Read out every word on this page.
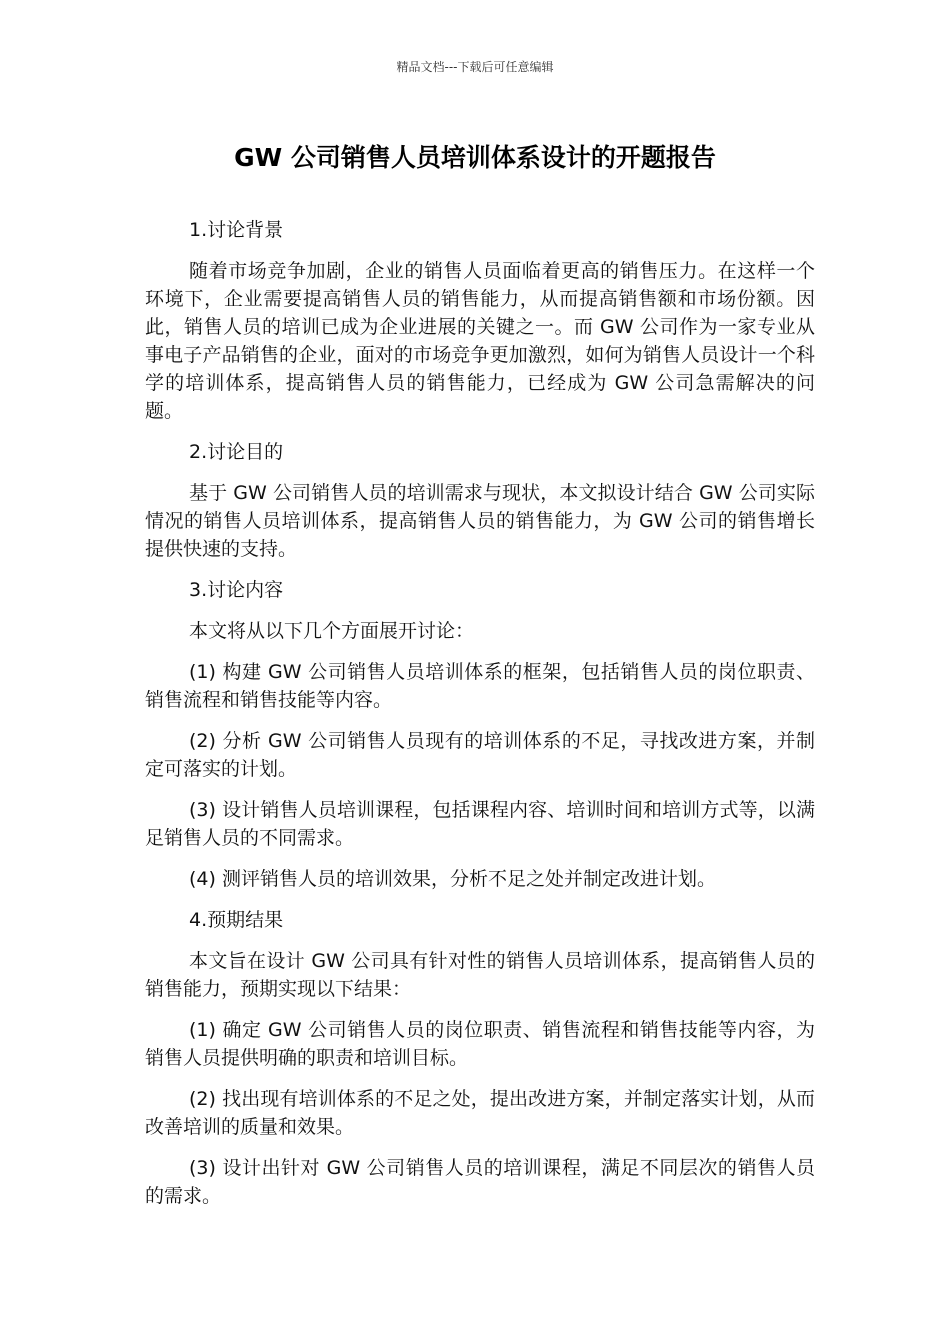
精品文档---下载后可任意编辑
GW 公司销售人员培训体系设计的开题报告

1.讨论背景

随着市场竞争加剧，企业的销售人员面临着更高的销售压力。在这样一个环境下，企业需要提高销售人员的销售能力，从而提高销售额和市场份额。因此，销售人员的培训已成为企业进展的关键之一。而 GW 公司作为一家专业从事电子产品销售的企业，面对的市场竞争更加激烈，如何为销售人员设计一个科学的培训体系，提高销售人员的销售能力，已经成为 GW 公司急需解决的问题。

2.讨论目的

基于 GW 公司销售人员的培训需求与现状，本文拟设计结合 GW 公司实际情况的销售人员培训体系，提高销售人员的销售能力，为 GW 公司的销售增长提供快速的支持。

3.讨论内容

本文将从以下几个方面展开讨论：

(1) 构建 GW 公司销售人员培训体系的框架，包括销售人员的岗位职责、销售流程和销售技能等内容。

(2) 分析 GW 公司销售人员现有的培训体系的不足，寻找改进方案，并制定可落实的计划。

(3) 设计销售人员培训课程，包括课程内容、培训时间和培训方式等，以满足销售人员的不同需求。

(4) 测评销售人员的培训效果，分析不足之处并制定改进计划。

4.预期结果

本文旨在设计 GW 公司具有针对性的销售人员培训体系，提高销售人员的销售能力，预期实现以下结果：

(1) 确定 GW 公司销售人员的岗位职责、销售流程和销售技能等内容，为销售人员提供明确的职责和培训目标。

(2) 找出现有培训体系的不足之处，提出改进方案，并制定落实计划，从而改善培训的质量和效果。

(3) 设计出针对 GW 公司销售人员的培训课程，满足不同层次的销售人员的需求。
